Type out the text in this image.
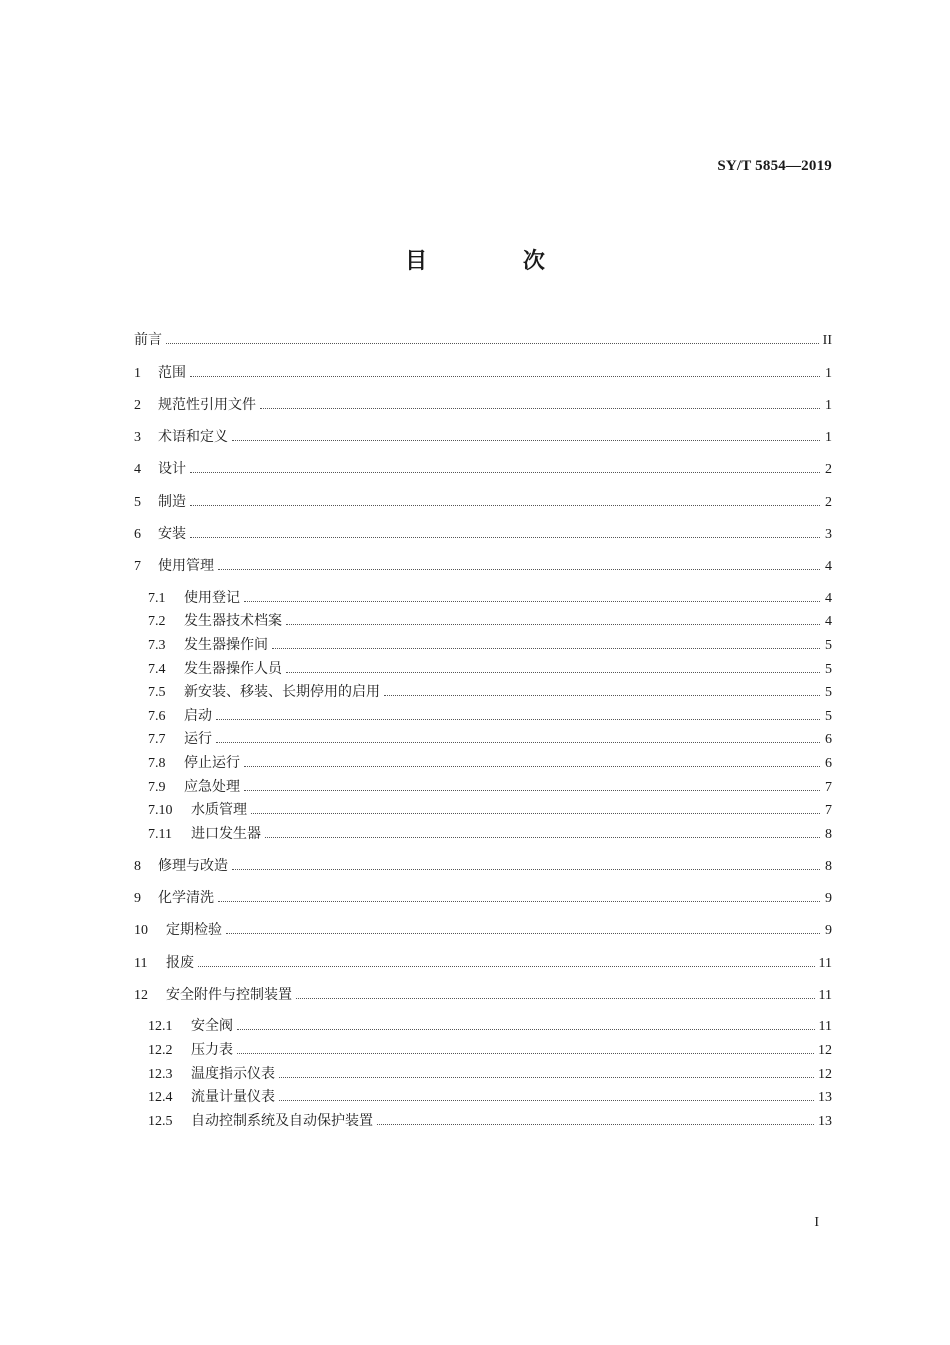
SY/T 5854—2019
目 次
前言	II
1	范围	1
2	规范性引用文件	1
3	术语和定义	1
4	设计	2
5	制造	2
6	安装	3
7	使用管理	4
7.1	使用登记	4
7.2	发生器技术档案	4
7.3	发生器操作间	5
7.4	发生器操作人员	5
7.5	新安装、移装、长期停用的启用	5
7.6	启动	5
7.7	运行	6
7.8	停止运行	6
7.9	应急处理	7
7.10	水质管理	7
7.11	进口发生器	8
8	修理与改造	8
9	化学清洗	9
10	定期检验	9
11	报废	11
12	安全附件与控制装置	11
12.1	安全阀	11
12.2	压力表	12
12.3	温度指示仪表	12
12.4	流量计量仪表	13
12.5	自动控制系统及自动保护装置	13
I
